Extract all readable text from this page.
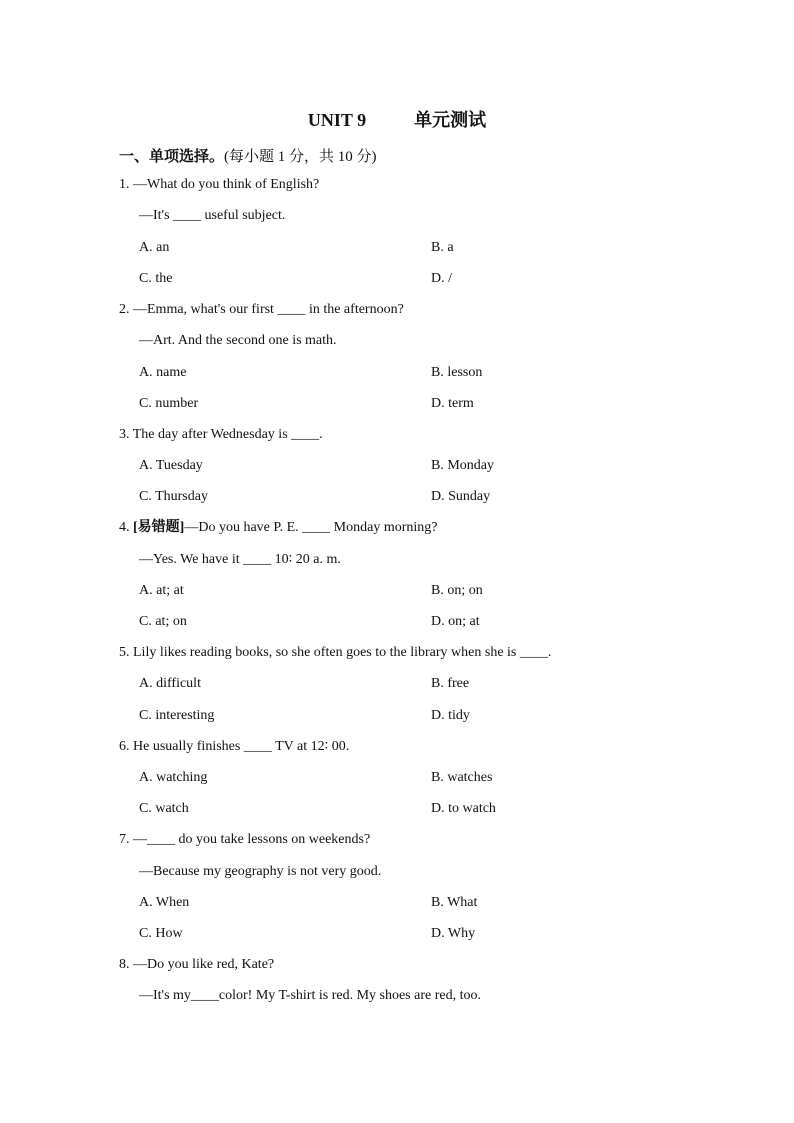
UNIT 9	单元测试
一、单项选择。(每小题 1 分，共 10 分)
1. —What do you think of English?
—It's ____ useful subject.
A. an	B. a
C. the	D. /
2. —Emma, what's our first ____ in the afternoon?
—Art. And the second one is math.
A. name	B. lesson
C. number	D. term
3. The day after Wednesday is ____.
A. Tuesday	B. Monday
C. Thursday	D. Sunday
4. [易错题]—Do you have P. E. ____ Monday morning?
—Yes. We have it ____ 10∶ 20 a. m.
A. at; at	B. on; on
C. at; on	D. on; at
5. Lily likes reading books, so she often goes to the library when she is ____.
A. difficult	B. free
C. interesting	D. tidy
6. He usually finishes ____ TV at 12∶ 00.
A. watching	B. watches
C. watch	D. to watch
7. —____ do you take lessons on weekends?
—Because my geography is not very good.
A. When	B. What
C. How	D. Why
8. —Do you like red, Kate?
—It's my____color! My T-shirt is red. My shoes are red, too.
